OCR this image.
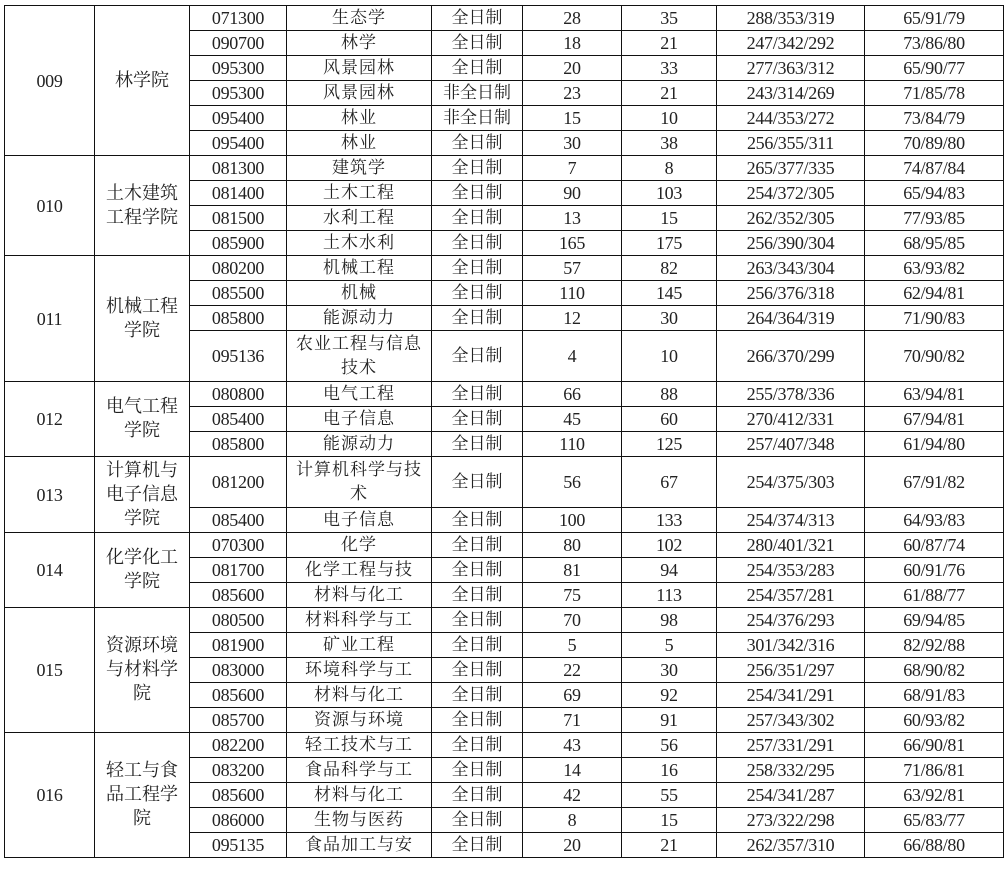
009	林学院	071300	生态学	全日制	28	35	288/353/319	65/91/79
		090700	林学	全日制	18	21	247/342/292	73/86/80
		095300	风景园林	全日制	20	33	277/363/312	65/90/77
		095300	风景园林	非全日制	23	21	243/314/269	71/85/78
		095400	林业	非全日制	15	10	244/353/272	73/84/79
		095400	林业	全日制	30	38	256/355/311	70/89/80
010	土木建筑工程学院	081300	建筑学	全日制	7	8	265/377/335	74/87/84
		081400	土木工程	全日制	90	103	254/372/305	65/94/83
		081500	水利工程	全日制	13	15	262/352/305	77/93/85
		085900	土木水利	全日制	165	175	256/390/304	68/95/85
011	机械工程学院	080200	机械工程	全日制	57	82	263/343/304	63/93/82
		085500	机械	全日制	110	145	256/376/318	62/94/81
		085800	能源动力	全日制	12	30	264/364/319	71/90/83
		095136	农业工程与信息技术	全日制	4	10	266/370/299	70/90/82
012	电气工程学院	080800	电气工程	全日制	66	88	255/378/336	63/94/81
		085400	电子信息	全日制	45	60	270/412/331	67/94/81
		085800	能源动力	全日制	110	125	257/407/348	61/94/80
013	计算机与电子信息学院	081200	计算机科学与技术	全日制	56	67	254/375/303	67/91/82
		085400	电子信息	全日制	100	133	254/374/313	64/93/83
014	化学化工学院	070300	化学	全日制	80	102	280/401/321	60/87/74
		081700	化学工程与技	全日制	81	94	254/353/283	60/91/76
		085600	材料与化工	全日制	75	113	254/357/281	61/88/77
015	资源环境与材料学院	080500	材料科学与工	全日制	70	98	254/376/293	69/94/85
		081900	矿业工程	全日制	5	5	301/342/316	82/92/88
		083000	环境科学与工	全日制	22	30	256/351/297	68/90/82
		085600	材料与化工	全日制	69	92	254/341/291	68/91/83
		085700	资源与环境	全日制	71	91	257/343/302	60/93/82
016	轻工与食品工程学院	082200	轻工技术与工	全日制	43	56	257/331/291	66/90/81
		083200	食品科学与工	全日制	14	16	258/332/295	71/86/81
		085600	材料与化工	全日制	42	55	254/341/287	63/92/81
		086000	生物与医药	全日制	8	15	273/322/298	65/83/77
		095135	食品加工与安	全日制	20	21	262/357/310	66/88/80
